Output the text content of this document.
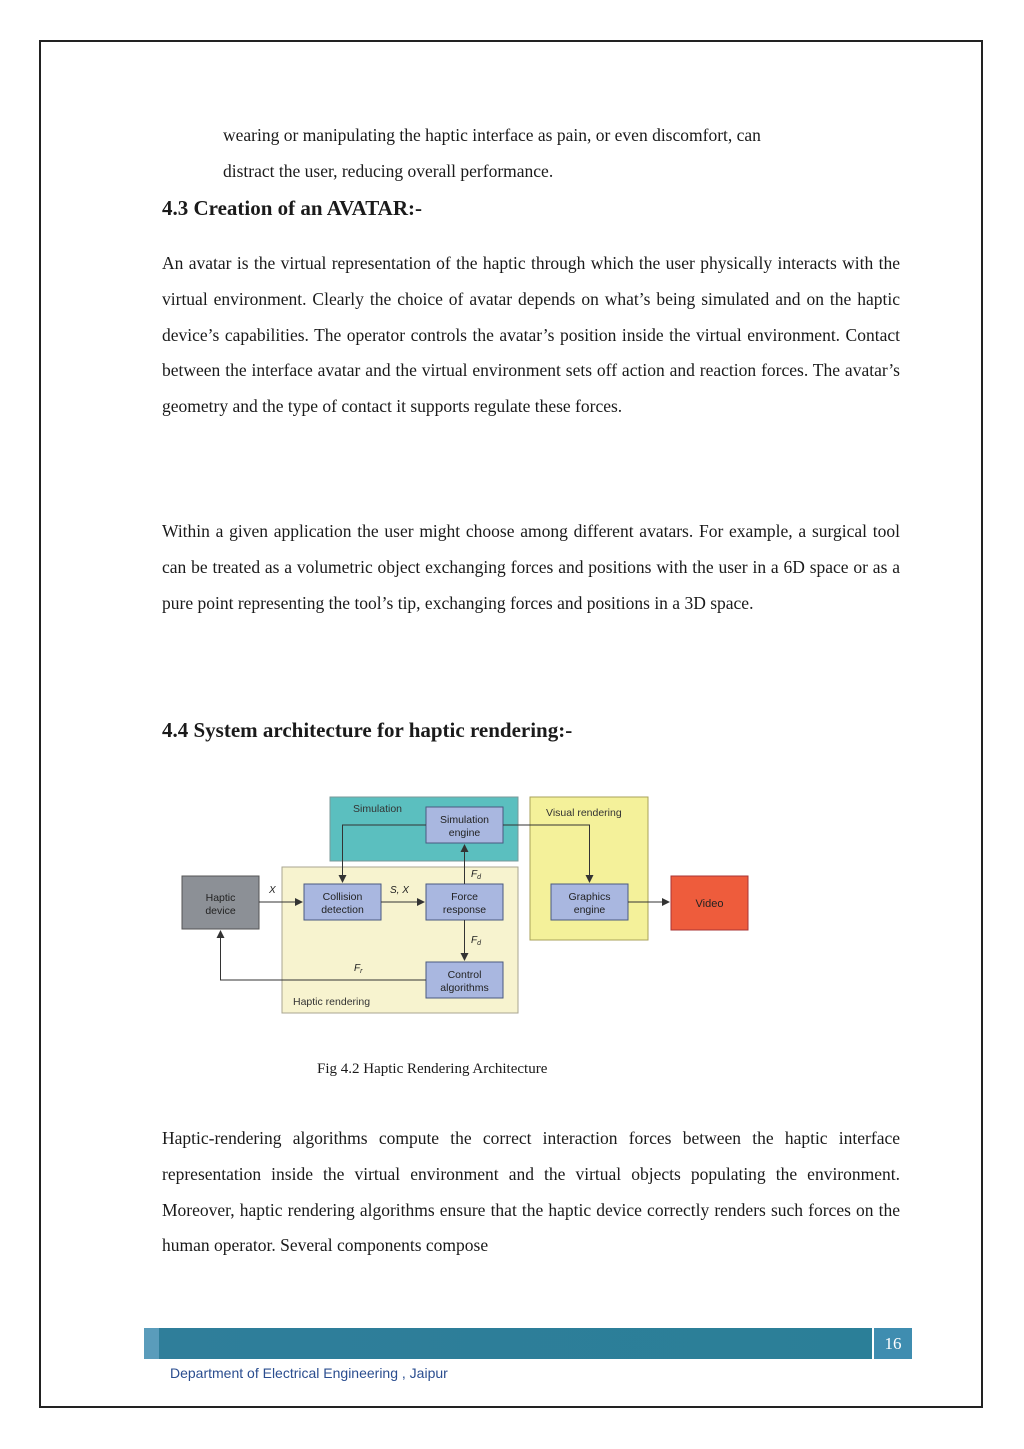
wearing or manipulating the haptic interface as pain, or even discomfort, can
distract the user, reducing overall performance.

4.3 Creation of an AVATAR:-

An avatar is the virtual representation of the haptic through which the user physically interacts with the virtual environment. Clearly the choice of avatar depends on what’s being simulated and on the haptic device’s capabilities. The operator controls the avatar’s position inside the virtual environment. Contact between the interface avatar and the virtual environment sets off action and reaction forces. The avatar’s geometry and the type of contact it supports regulate these forces.

Within a given application the user might choose among different avatars. For example, a surgical tool can be treated as a volumetric object exchanging forces and positions with the user in a 6D space or as a pure point representing the tool’s tip, exchanging forces and positions in a 3D space.

4.4 System architecture for haptic rendering:-
Simulation	Visual rendering
Haptic rendering
Simulation
engine
Haptic
device
Collision
detection
Force
response
Control
algorithms
Graphics
engine	Video
X	S, X
$F_d$
$F_d$
$F_r$

Fig 4.2 Haptic Rendering Architecture

Haptic-rendering algorithms compute the correct interaction forces between the haptic interface representation inside the virtual environment and the virtual objects populating the environment. Moreover, haptic rendering algorithms ensure that the haptic device correctly renders such forces on the human operator. Several components compose

16
Department of Electrical Engineering , Jaipur
